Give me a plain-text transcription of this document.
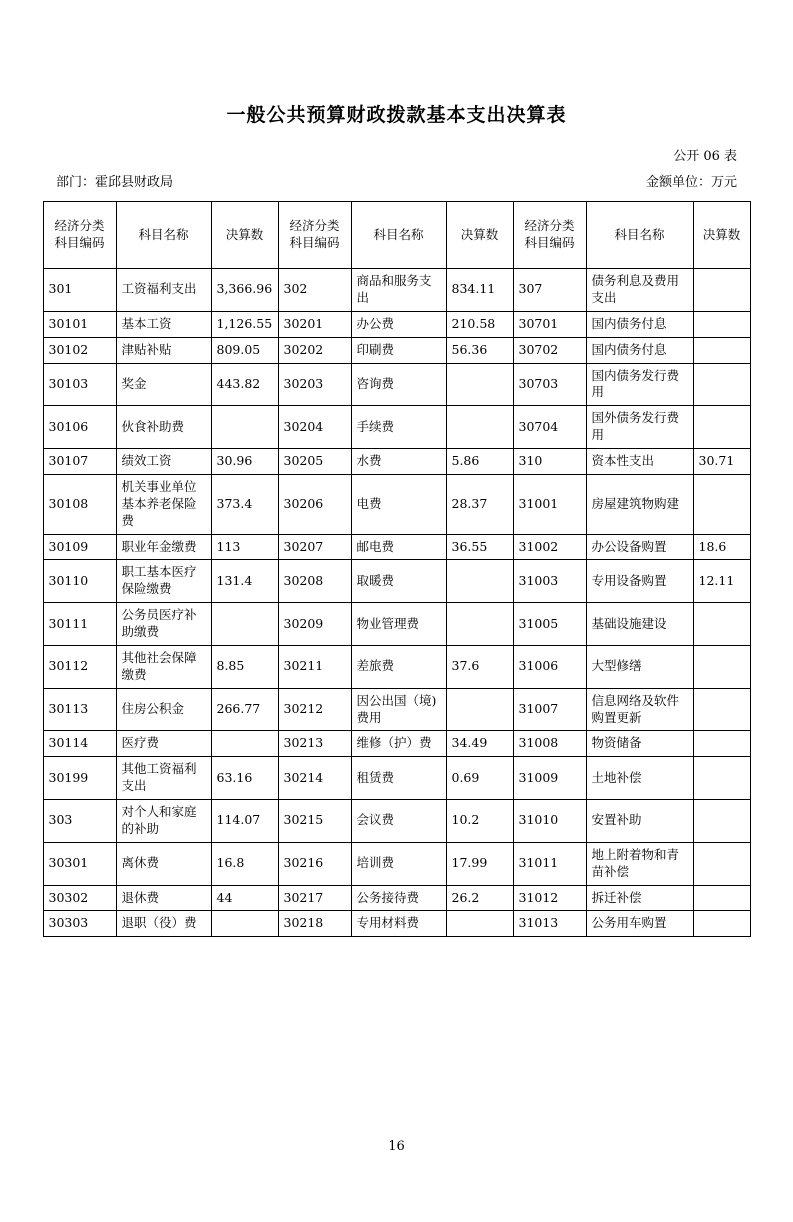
一般公共预算财政拨款基本支出决算表
公开 06 表
部门：霍邱县财政局	金额单位：万元
经济分类科目编码	科目名称	决算数	经济分类科目编码	科目名称	决算数	经济分类科目编码	科目名称	决算数
301	工资福利支出	3,366.96	302	商品和服务支出	834.11	307	债务利息及费用支出	
30101	基本工资	1,126.55	30201	办公费	210.58	30701	国内债务付息	
30102	津贴补贴	809.05	30202	印刷费	56.36	30702	国内债务付息	
30103	奖金	443.82	30203	咨询费		30703	国内债务发行费用	
30106	伙食补助费		30204	手续费		30704	国外债务发行费用	
30107	绩效工资	30.96	30205	水费	5.86	310	资本性支出	30.71
30108	机关事业单位基本养老保险费	373.4	30206	电费	28.37	31001	房屋建筑物购建	
30109	职业年金缴费	113	30207	邮电费	36.55	31002	办公设备购置	18.6
30110	职工基本医疗保险缴费	131.4	30208	取暖费		31003	专用设备购置	12.11
30111	公务员医疗补助缴费		30209	物业管理费		31005	基础设施建设	
30112	其他社会保障缴费	8.85	30211	差旅费	37.6	31006	大型修缮	
30113	住房公积金	266.77	30212	因公出国（境)费用		31007	信息网络及软件购置更新	
30114	医疗费		30213	维修（护）费	34.49	31008	物资储备	
30199	其他工资福利支出	63.16	30214	租赁费	0.69	31009	土地补偿	
303	对个人和家庭的补助	114.07	30215	会议费	10.2	31010	安置补助	
30301	离休费	16.8	30216	培训费	17.99	31011	地上附着物和青苗补偿	
30302	退休费	44	30217	公务接待费	26.2	31012	拆迁补偿	
30303	退职（役）费		30218	专用材料费		31013	公务用车购置	
16
